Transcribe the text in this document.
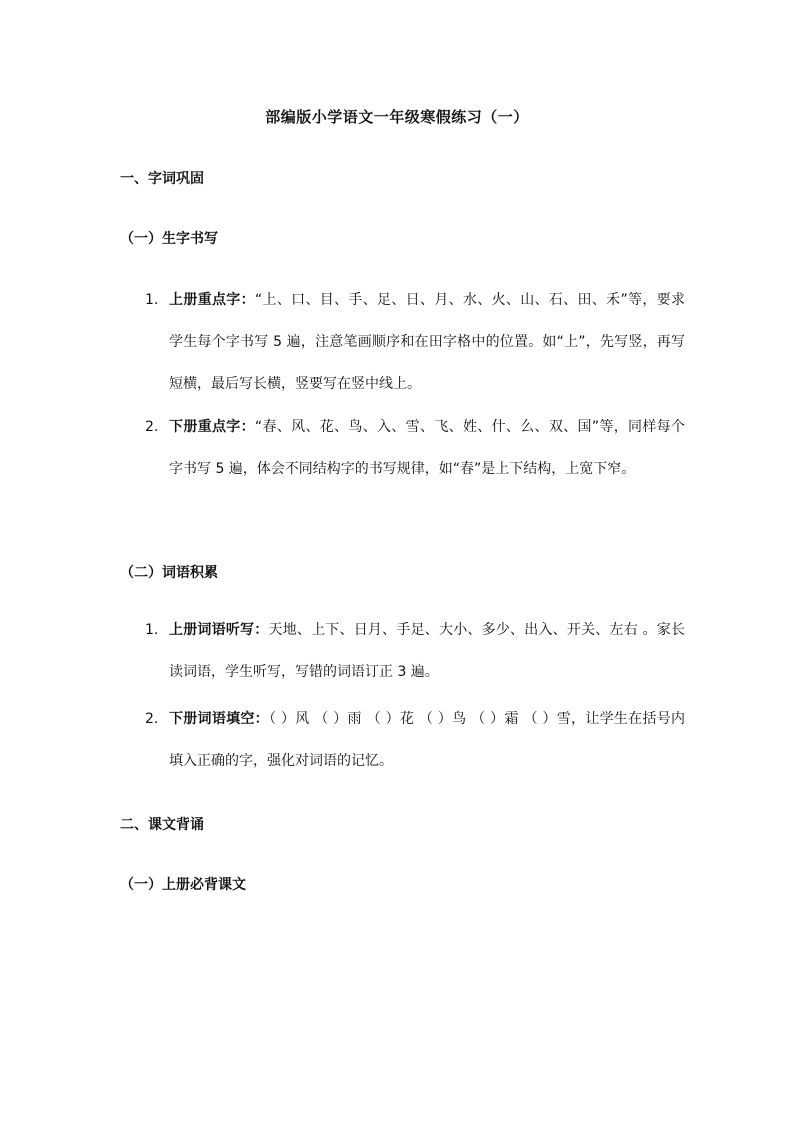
部编版小学语文一年级寒假练习（一）
一、字词巩固
（一）生字书写
1. 上册重点字：“上、口、目、手、足、日、月、水、火、山、石、田、禾”等，要求学生每个字书写 5 遍，注意笔画顺序和在田字格中的位置。如“上”，先写竖，再写短横，最后写长横，竖要写在竖中线上。
2. 下册重点字：“春、风、花、鸟、入、雪、飞、姓、什、么、双、国”等，同样每个字书写 5 遍，体会不同结构字的书写规律，如“春”是上下结构，上宽下窄。
（二）词语积累
1. 上册词语听写：天地、上下、日月、手足、大小、多少、出入、开关、左右 。家长读词语，学生听写，写错的词语订正 3 遍。
2. 下册词语填空：（ ）风 （ ）雨 （ ）花 （ ）鸟 （ ）霜 （ ）雪，让学生在括号内填入正确的字，强化对词语的记忆。
二、课文背诵
（一）上册必背课文
